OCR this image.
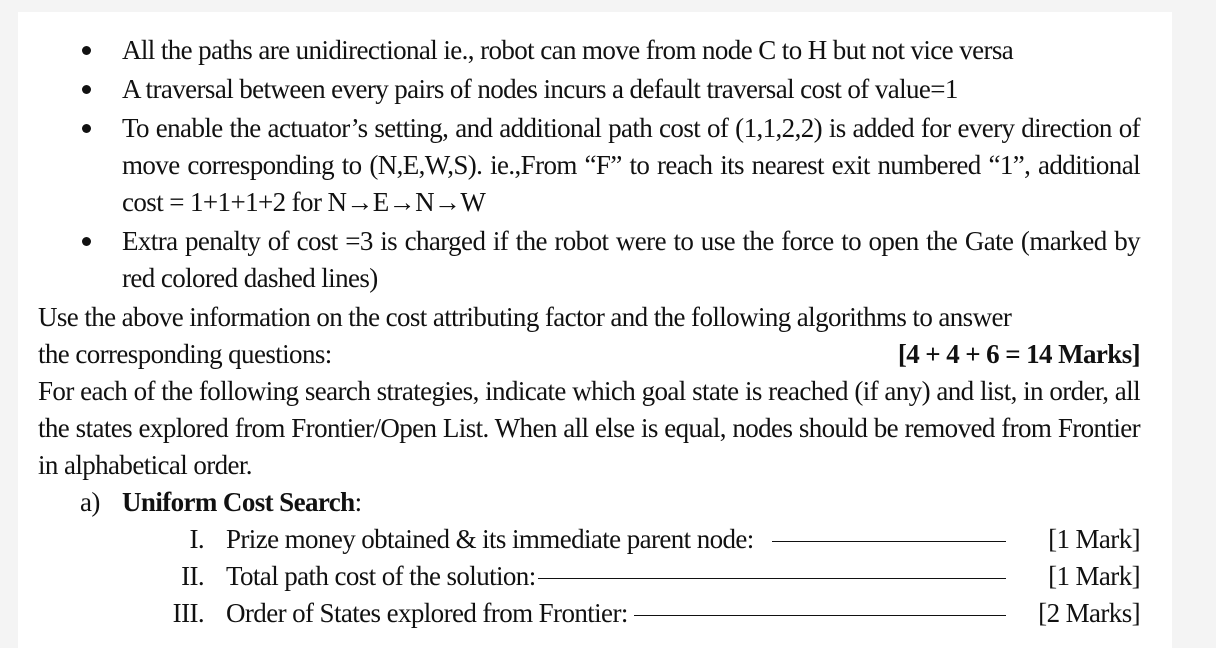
All the paths are unidirectional ie., robot can move from node C to H but not vice versa
A traversal between every pairs of nodes incurs a default traversal cost of value=1
To enable the actuator’s setting, and additional path cost of (1,1,2,2) is added for every direction of move corresponding to (N,E,W,S). ie.,From “F” to reach its nearest exit numbered “1”, additional cost = 1+1+1+2 for N→E→N→W
Extra penalty of cost =3 is charged if the robot were to use the force to open the Gate (marked by red colored dashed lines)

Use the above information on the cost attributing factor and the following algorithms to answer

the corresponding questions:	[4 + 4 + 6 = 14 Marks]

For each of the following search strategies, indicate which goal state is reached (if any) and list, in order, all the states explored from Frontier/Open List. When all else is equal, nodes should be removed from Frontier in alphabetical order.

a) Uniform Cost Search:

I. Prize money obtained & its immediate parent node:	[1 Mark]
II. Total path cost of the solution:	[1 Mark]
III. Order of States explored from Frontier:	[2 Marks]
